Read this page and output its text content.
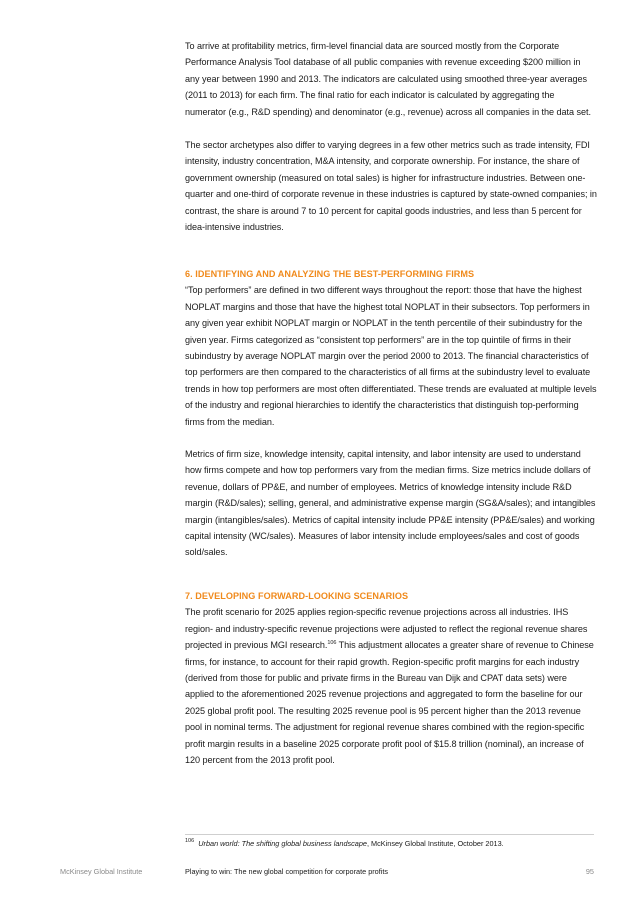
To arrive at profitability metrics, firm-level financial data are sourced mostly from the Corporate Performance Analysis Tool database of all public companies with revenue exceeding $200 million in any year between 1990 and 2013. The indicators are calculated using smoothed three-year averages (2011 to 2013) for each firm. The final ratio for each indicator is calculated by aggregating the numerator (e.g., R&D spending) and denominator (e.g., revenue) across all companies in the data set.

The sector archetypes also differ to varying degrees in a few other metrics such as trade intensity, FDI intensity, industry concentration, M&A intensity, and corporate ownership. For instance, the share of government ownership (measured on total sales) is higher for infrastructure industries. Between one-quarter and one-third of corporate revenue in these industries is captured by state-owned companies; in contrast, the share is around 7 to 10 percent for capital goods industries, and less than 5 percent for idea-intensive industries.

6. IDENTIFYING AND ANALYZING THE BEST-PERFORMING FIRMS

“Top performers” are defined in two different ways throughout the report: those that have the highest NOPLAT margins and those that have the highest total NOPLAT in their subsectors. Top performers in any given year exhibit NOPLAT margin or NOPLAT in the tenth percentile of their subindustry for the given year. Firms categorized as “consistent top performers” are in the top quintile of firms in their subindustry by average NOPLAT margin over the period 2000 to 2013. The financial characteristics of top performers are then compared to the characteristics of all firms at the subindustry level to evaluate trends in how top performers are most often differentiated. These trends are evaluated at multiple levels of the industry and regional hierarchies to identify the characteristics that distinguish top-performing firms from the median.

Metrics of firm size, knowledge intensity, capital intensity, and labor intensity are used to understand how firms compete and how top performers vary from the median firms. Size metrics include dollars of revenue, dollars of PP&E, and number of employees. Metrics of knowledge intensity include R&D margin (R&D/sales); selling, general, and administrative expense margin (SG&A/sales); and intangibles margin (intangibles/sales). Metrics of capital intensity include PP&E intensity (PP&E/sales) and working capital intensity (WC/sales). Measures of labor intensity include employees/sales and cost of goods sold/sales.

7. DEVELOPING FORWARD-LOOKING SCENARIOS

The profit scenario for 2025 applies region-specific revenue projections across all industries. IHS region- and industry-specific revenue projections were adjusted to reflect the regional revenue shares projected in previous MGI research.$^{106}$ This adjustment allocates a greater share of revenue to Chinese firms, for instance, to account for their rapid growth. Region-specific profit margins for each industry (derived from those for public and private firms in the Bureau van Dijk and CPAT data sets) were applied to the aforementioned 2025 revenue projections and aggregated to form the baseline for our 2025 global profit pool. The resulting 2025 revenue pool is 95 percent higher than the 2013 revenue pool in nominal terms. The adjustment for regional revenue shares combined with the region-specific profit margin results in a baseline 2025 corporate profit pool of $15.8 trillion (nominal), an increase of 120 percent from the 2013 profit pool.

$^{106}$ Urban world: The shifting global business landscape, McKinsey Global Institute, October 2013.
McKinsey Global Institute	Playing to win: The new global competition for corporate profits	95
